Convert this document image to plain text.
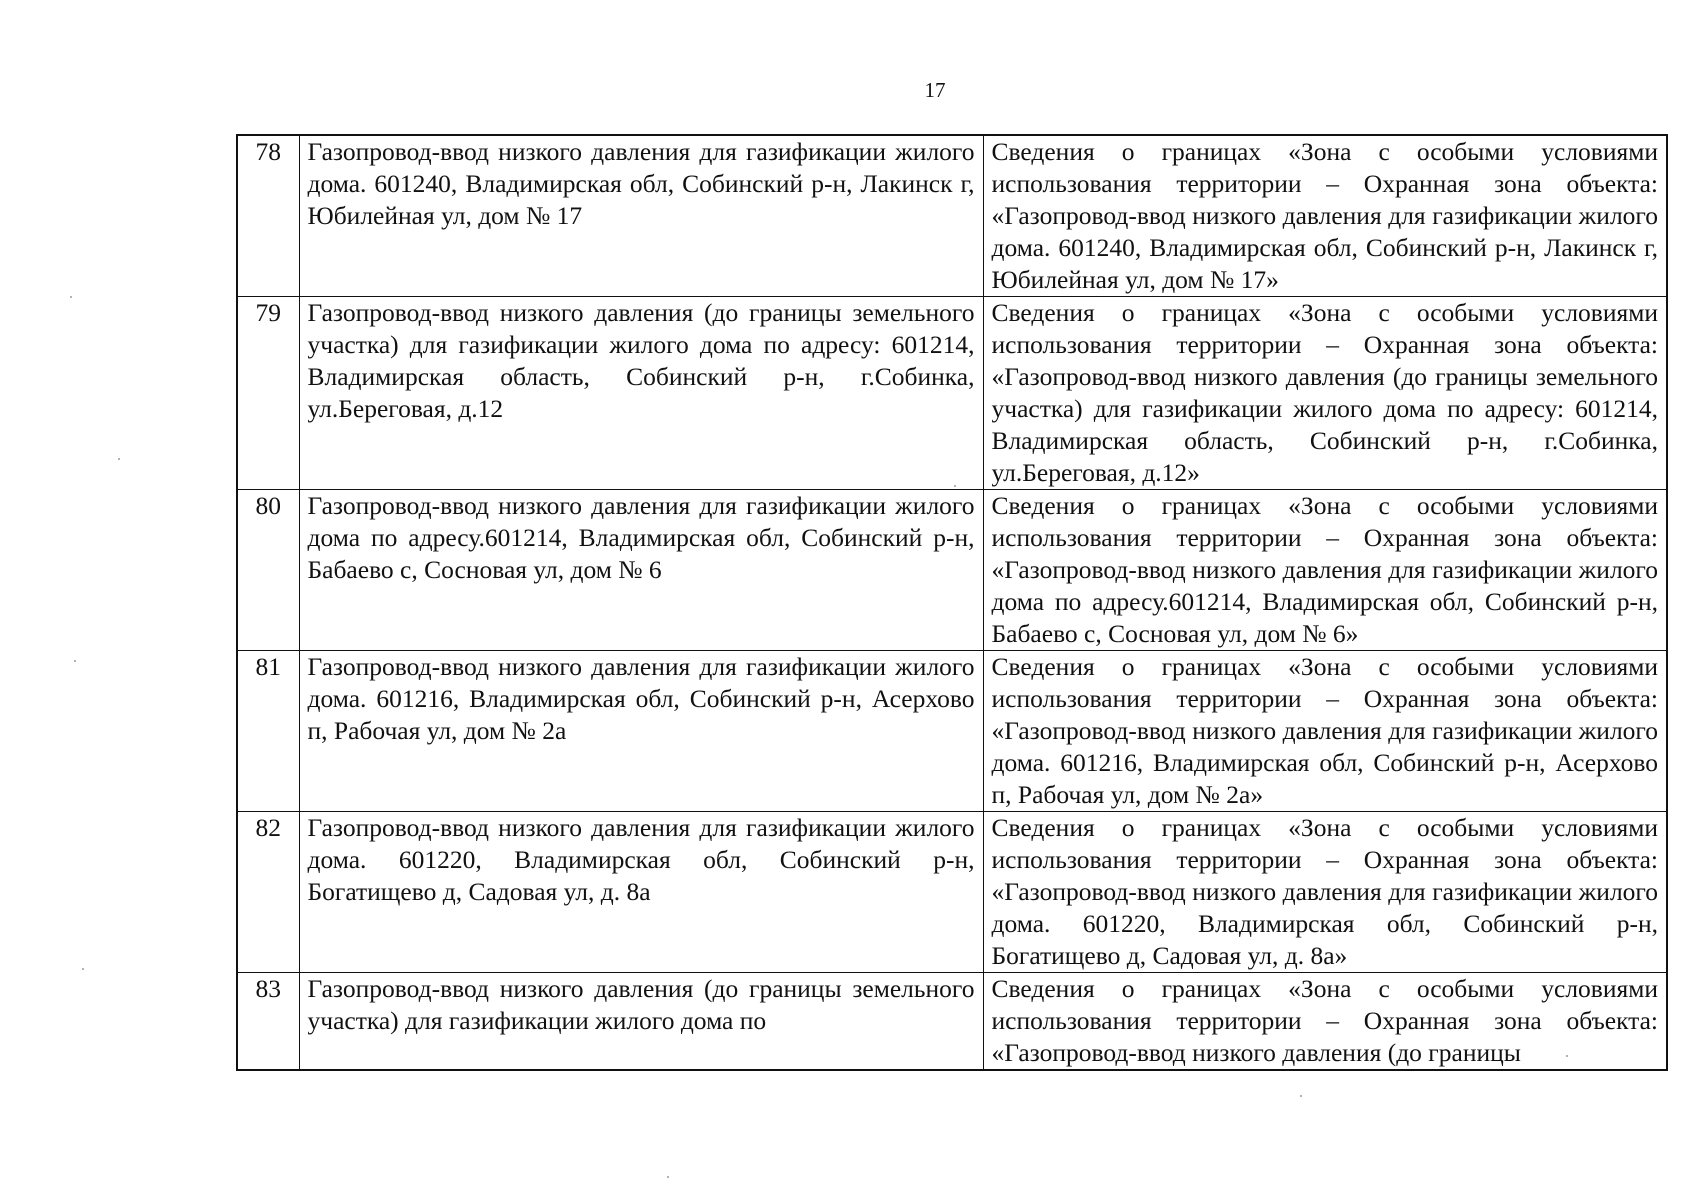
17
78	Газопровод-ввод низкого давления для газификации жилого дома. 601240, Владимирская обл, Собинский р-н, Лакинск г, Юбилейная ул, дом № 17	Сведения о границах «Зона с особыми условиями использования территории – Охранная зона объекта: «Газопровод-ввод низкого давления для газификации жилого дома. 601240, Владимирская обл, Собинский р-н, Лакинск г, Юбилейная ул, дом № 17»
79	Газопровод-ввод низкого давления (до границы земельного участка) для газификации жилого дома по адресу: 601214, Владимирская область, Собинский р-н, г.Собинка, ул.Береговая, д.12	Сведения о границах «Зона с особыми условиями использования территории – Охранная зона объекта: «Газопровод-ввод низкого давления (до границы земельного участка) для газификации жилого дома по адресу: 601214, Владимирская область, Собинский р-н, г.Собинка, ул.Береговая, д.12»
80	Газопровод-ввод низкого давления для газификации жилого дома по адресу.601214, Владимирская обл, Собинский р-н, Бабаево с, Сосновая ул, дом № 6	Сведения о границах «Зона с особыми условиями использования территории – Охранная зона объекта: «Газопровод-ввод низкого давления для газификации жилого дома по адресу.601214, Владимирская обл, Собинский р-н, Бабаево с, Сосновая ул, дом № 6»
81	Газопровод-ввод низкого давления для газификации жилого дома. 601216, Владимирская обл, Собинский р-н, Асерхово п, Рабочая ул, дом № 2а	Сведения о границах «Зона с особыми условиями использования территории – Охранная зона объекта: «Газопровод-ввод низкого давления для газификации жилого дома. 601216, Владимирская обл, Собинский р-н, Асерхово п, Рабочая ул, дом № 2а»
82	Газопровод-ввод низкого давления для газификации жилого дома. 601220, Владимирская обл, Собинский р-н, Богатищево д, Садовая ул, д. 8а	Сведения о границах «Зона с особыми условиями использования территории – Охранная зона объекта: «Газопровод-ввод низкого давления для газификации жилого дома. 601220, Владимирская обл, Собинский р-н, Богатищево д, Садовая ул, д. 8а»
83	Газопровод-ввод низкого давления (до границы земельного участка) для газификации жилого дома по	Сведения о границах «Зона с особыми условиями использования территории – Охранная зона объекта: «Газопровод-ввод низкого давления (до границы
